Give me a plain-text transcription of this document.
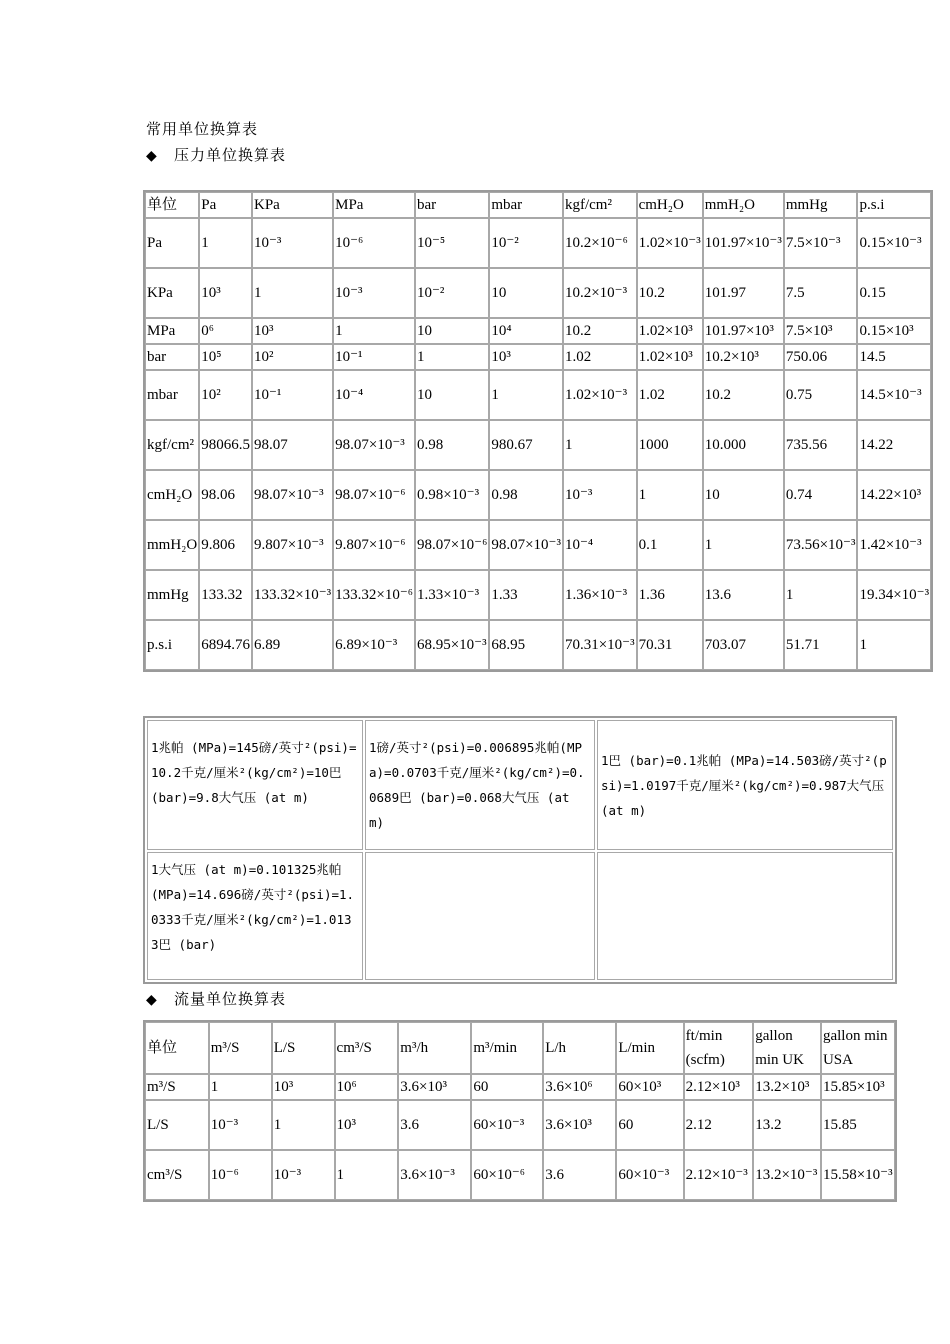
常用单位换算表
◆ 压力单位换算表
单位	Pa	KPa	MPa	bar	mbar	kgf/cm²	cmH₂O	mmH₂O	mmHg	p.s.i
Pa	1	10⁻³	10⁻⁶	10⁻⁵	10⁻²	10.2×10⁻⁶	1.02×10⁻³	101.97×10⁻³	7.5×10⁻³	0.15×10⁻³
KPa	10³	1	10⁻³	10⁻²	10	10.2×10⁻³	10.2	101.97	7.5	0.15
MPa	0⁶	10³	1	10	10⁴	10.2	1.02×10³	101.97×10³	7.5×10³	0.15×10³
bar	10⁵	10²	10⁻¹	1	10³	1.02	1.02×10³	10.2×10³	750.06	14.5
mbar	10²	10⁻¹	10⁻⁴	10	1	1.02×10⁻³	1.02	10.2	0.75	14.5×10⁻³
kgf/cm²	98066.5	98.07	98.07×10⁻³	0.98	980.67	1	1000	10.000	735.56	14.22
cmH₂O	98.06	98.07×10⁻³	98.07×10⁻⁶	0.98×10⁻³	0.98	10⁻³	1	10	0.74	14.22×10³
mmH₂O	9.806	9.807×10⁻³	9.807×10⁻⁶	98.07×10⁻⁶	98.07×10⁻³	10⁻⁴	0.1	1	73.56×10⁻³	1.42×10⁻³
mmHg	133.32	133.32×10⁻³	133.32×10⁻⁶	1.33×10⁻³	1.33	1.36×10⁻³	1.36	13.6	1	19.34×10⁻³
p.s.i	6894.76	6.89	6.89×10⁻³	68.95×10⁻³	68.95	70.31×10⁻³	70.31	703.07	51.71	1
1兆帕 (MPa)=145磅/英寸²(psi)=10.2千克/厘米²(kg/cm²)=10巴 (bar)=9.8大气压 (at m)	1磅/英寸²(psi)=0.006895兆帕(MPa)=0.0703千克/厘米²(kg/cm²)=0.0689巴 (bar)=0.068大气压 (at m)	1巴 (bar)=0.1兆帕 (MPa)=14.503磅/英寸²(psi)=1.0197千克/厘米²(kg/cm²)=0.987大气压 (at m)
1大气压 (at m)=0.101325兆帕 (MPa)=14.696磅/英寸²(psi)=1.0333千克/厘米²(kg/cm²)=1.0133巴 (bar)		
◆ 流量单位换算表
单位	m³/S	L/S	cm³/S	m³/h	m³/min	L/h	L/min	ft/min (scfm)	gallon min UK	gallon min USA
m³/S	1	10³	10⁶	3.6×10³	60	3.6×10⁶	60×10³	2.12×10³	13.2×10³	15.85×10³
L/S	10⁻³	1	10³	3.6	60×10⁻³	3.6×10³	60	2.12	13.2	15.85
cm³/S	10⁻⁶	10⁻³	1	3.6×10⁻³	60×10⁻⁶	3.6	60×10⁻³	2.12×10⁻³	13.2×10⁻³	15.58×10⁻³
